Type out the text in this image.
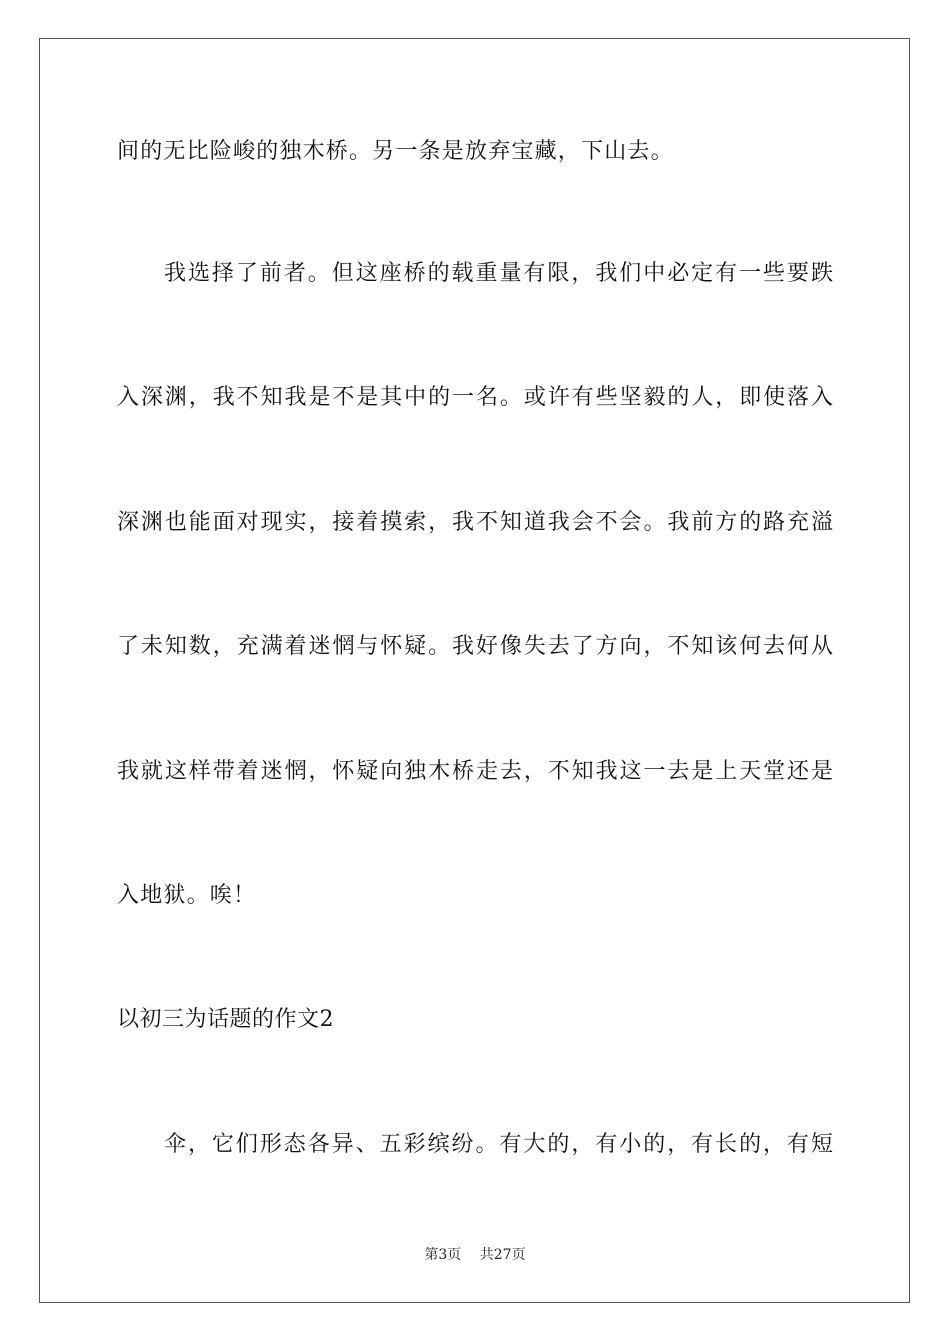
间的无比险峻的独木桥。另一条是放弃宝藏，下山去。
我选择了前者。但这座桥的载重量有限，我们中必定有一些要跌
入深渊，我不知我是不是其中的一名。或许有些坚毅的人，即使落入
深渊也能面对现实，接着摸索，我不知道我会不会。我前方的路充溢
了未知数，充满着迷惘与怀疑。我好像失去了方向，不知该何去何从
我就这样带着迷惘，怀疑向独木桥走去，不知我这一去是上天堂还是
入地狱。唉！
以初三为话题的作文2
伞，它们形态各异、五彩缤纷。有大的，有小的，有长的，有短
第3页 共27页
